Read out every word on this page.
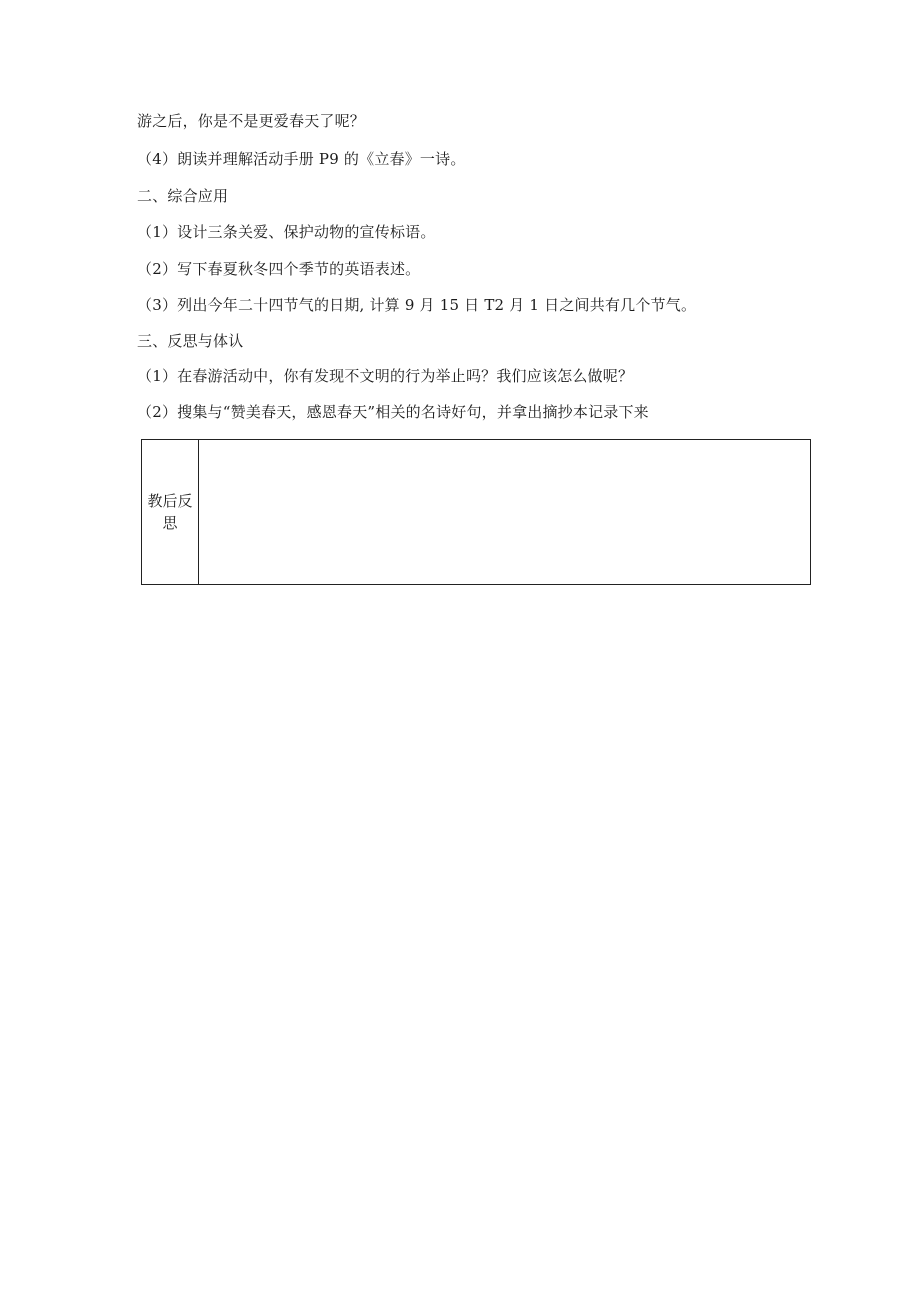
游之后，你是不是更爱春天了呢？
（4）朗读并理解活动手册 P9 的《立春》一诗。
二、综合应用
（1）设计三条关爱、保护动物的宣传标语。
（2）写下春夏秋冬四个季节的英语表述。
（3）列出今年二十四节气的日期, 计算 9 月 15 日 T2 月 1 日之间共有几个节气。
三、反思与体认
（1）在春游活动中，你有发现不文明的行为举止吗？我们应该怎么做呢？
（2）搜集与“赞美春天，感恩春天”相关的名诗好句，并拿出摘抄本记录下来
教后反思
